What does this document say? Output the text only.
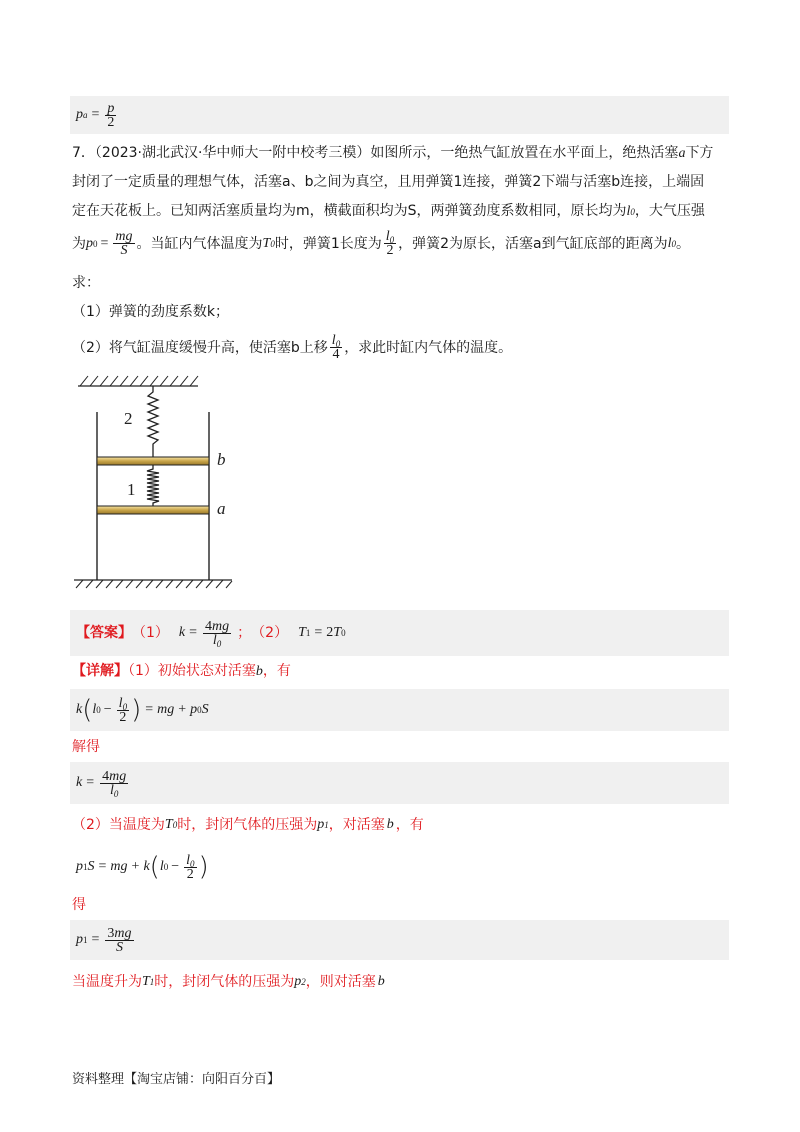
p $a = \frac{p}{2}$
7．（2023·湖北武汉·华中师大一附中校考三模）如图所示，一绝热气缸放置在水平面上，绝热活塞a下方
封闭了一定质量的理想气体，活塞a、b之间为真空，且用弹簧1连接，弹簧2下端与活塞b连接，上端固
定在天花板上。已知两活塞质量均为m，横截面积均为S，两弹簧劲度系数相同，原长均为l 0 ，大气压强
为 p $0 = \frac{mg}{S}$ 。当缸内气体温度为 T 0 时，弹簧1长度为 $\frac{l_0}{2}$ ，弹簧2为原长，活塞a到气缸底部的距离为 l 0 。
求：
（1）弹簧的劲度系数k；
（2）将气缸温度缓慢升高，使活塞b上移 $\frac{l_0}{4}$ ，求此时缸内气体的温度。
2
b
1
a
【答案】 （1） $k = \frac{4mg}{l_0}$ ； （2） T 1 = 2 T 0
【详解】（1）初始状态对活塞b，有
k ( l $0 - \frac{l_0}{2}$ ) = mg + p 0 S
解得
$k = \frac{4mg}{l_0}$
（2）当温度为 T 0 时，封闭气体的压强为 p 1 ，对活塞 b ，有
p 1 S = mg + k ( l $0 - \frac{l_0}{2}$ )
得
p $1 = \frac{3mg}{S}$
当温度升为 T 1 时，封闭气体的压强为 p 2 ，则对活塞 b
资料整理【淘宝店铺：向阳百分百】
